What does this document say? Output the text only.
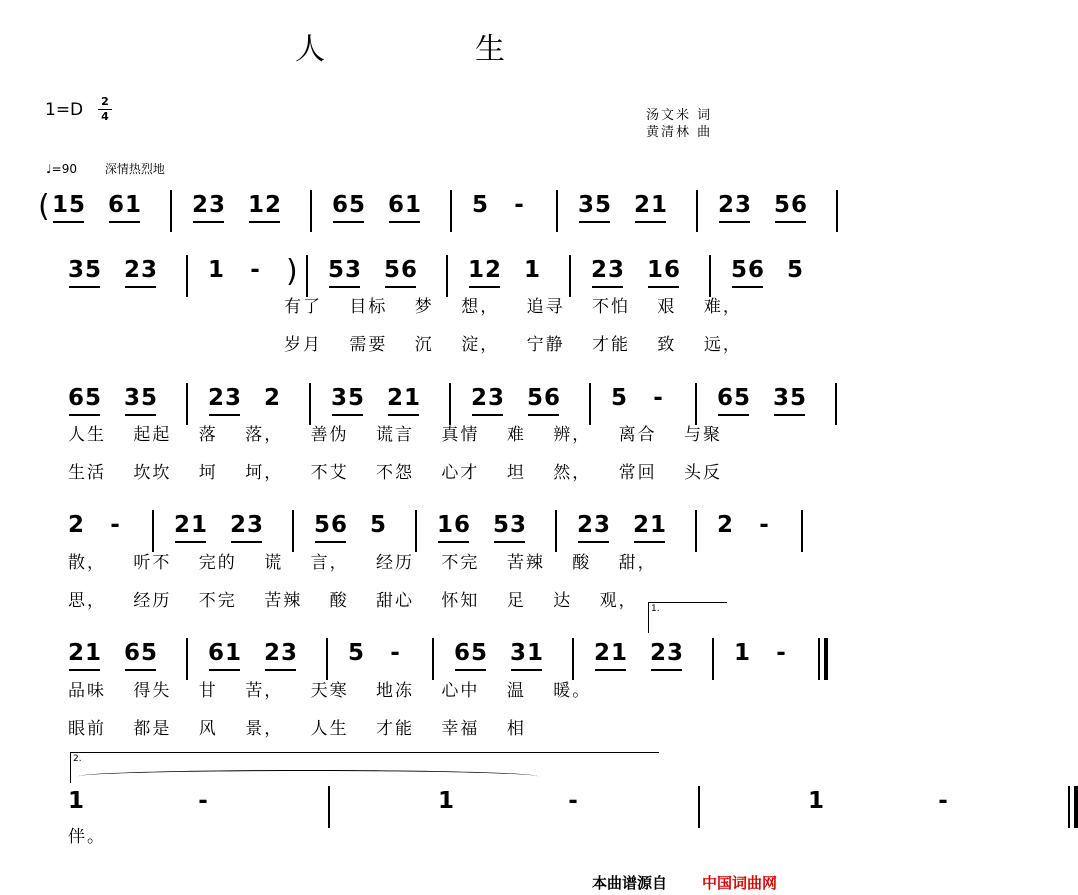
人生
1=D 2
4	汤文米 词
黄清林 曲
♩=90 深情热烈地
( 1 5 6 1 2 3 1 2 6 5 6 1 5 - 3 5 2 1 2 3 5 6
3 5 2 3 1 - ) 5 3 5 6 1 2 1 2 3 1 6 5 6 5
6 5 3 5 2 3 2 3 5 2 1 2 3 5 6 5 - 6 5 3 5
2 - 2 1 2 3 5 6 5 1 6 5 3 2 3 2 1 2 -
2 1 6 5 6 1 2 3 5 - 6 5 3 1 2 1 2 3 1 -
1	-	1	-	1	-
有了 目标 梦 想， 追寻 不怕 艰 难，
岁月 需要 沉 淀， 宁静 才能 致 远，
人生 起起 落 落， 善伪 谎言 真情 难 辨， 离合 与聚
生活 坎坎 坷 坷， 不艾 不怨 心才 坦 然， 常回 头反
散， 听不 完的 谎 言， 经历 不完 苦辣 酸 甜，
思， 经历 不完 苦辣 酸 甜心 怀知 足 达 观，
品味 得失 甘 苦， 天寒 地冻 心中 温 暖。
眼前 都是 风 景， 人生 才能 幸福 相
伴。
1.
2.
本曲谱源自 中国词曲网
